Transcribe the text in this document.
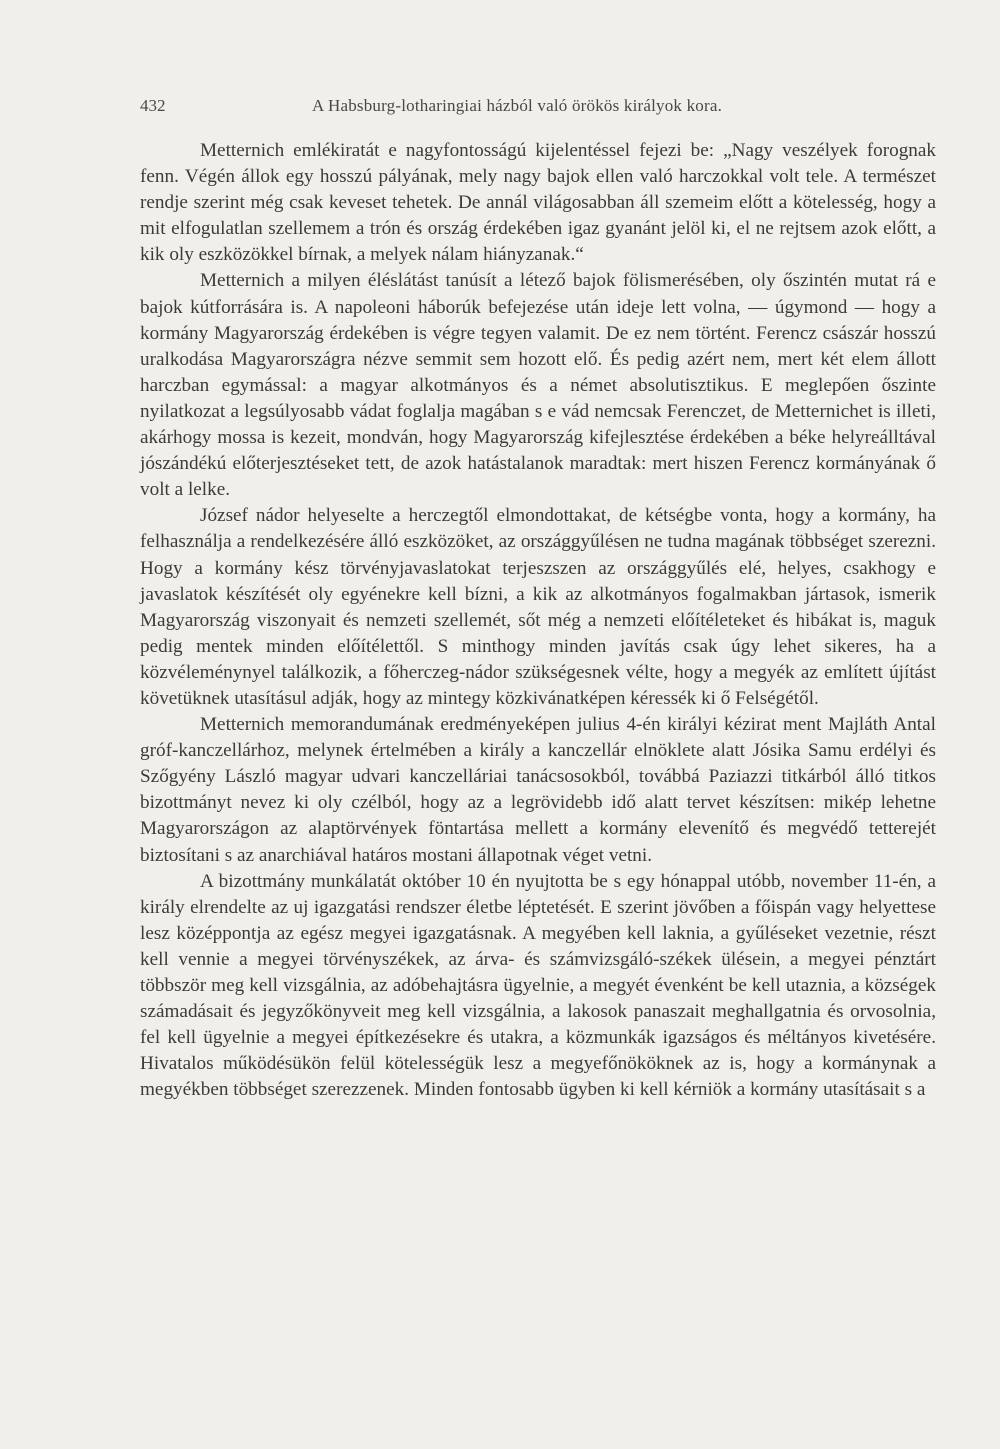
432	A Habsburg-lotharingiai házból való örökös királyok kora.

Metternich emlékiratát e nagyfontosságú kijelentéssel fejezi be: „Nagy veszélyek forognak fenn. Végén állok egy hosszú pályának, mely nagy bajok ellen való harczokkal volt tele. A természet rendje szerint még csak keveset tehetek. De annál világosabban áll szemeim előtt a kötelesség, hogy a mit elfogulatlan szellemem a trón és ország érdekében igaz gyanánt jelöl ki, el ne rejtsem azok előtt, a kik oly eszközökkel bírnak, a melyek nálam hiányzanak.“

Metternich a milyen éléslátást tanúsít a létező bajok fölismerésében, oly őszintén mutat rá e bajok kútforrására is. A napoleoni háborúk befejezése után ideje lett volna, — úgymond — hogy a kormány Magyarország érdekében is végre tegyen valamit. De ez nem történt. Ferencz császár hosszú uralkodása Magyarországra nézve semmit sem hozott elő. És pedig azért nem, mert két elem állott harczban egymással: a magyar alkotmányos és a német absolutisztikus. E meglepően őszinte nyilatkozat a legsúlyosabb vádat foglalja magában s e vád nemcsak Ferenczet, de Metternichet is illeti, akárhogy mossa is kezeit, mondván, hogy Magyarország kifejlesztése érdekében a béke helyreálltával jószándékú előterjesztéseket tett, de azok hatástalanok maradtak: mert hiszen Ferencz kormányának ő volt a lelke.

József nádor helyeselte a herczegtől elmondottakat, de kétségbe vonta, hogy a kormány, ha felhasználja a rendelkezésére álló eszközöket, az országgyűlésen ne tudna magának többséget szerezni. Hogy a kormány kész törvényjavaslatokat terjeszszen az országgyűlés elé, helyes, csakhogy e javaslatok készítését oly egyénekre kell bízni, a kik az alkotmányos fogalmakban jártasok, ismerik Magyarország viszonyait és nemzeti szellemét, sőt még a nemzeti előítéleteket és hibákat is, maguk pedig mentek minden előítélettől. S minthogy minden javítás csak úgy lehet sikeres, ha a közvéleménynyel találkozik, a főherczeg-nádor szükségesnek vélte, hogy a megyék az említett újítást követüknek utasításul adják, hogy az mintegy közkivánatképen kéressék ki ő Felségétől.

Metternich memorandumának eredményeképen julius 4-én királyi kézirat ment Majláth Antal gróf-kanczellárhoz, melynek értelmében a király a kanczellár elnöklete alatt Jósika Samu erdélyi és Szőgyény László magyar udvari kanczelláriai tanácsosokból, továbbá Paziazzi titkárból álló titkos bizottmányt nevez ki oly czélból, hogy az a legrövidebb idő alatt tervet készítsen: mikép lehetne Magyarországon az alaptörvények föntartása mellett a kormány elevenítő és megvédő tetterejét biztosítani s az anarchiával határos mostani állapotnak véget vetni.

A bizottmány munkálatát október 10 én nyujtotta be s egy hónappal utóbb, november 11-én, a király elrendelte az uj igazgatási rendszer életbe léptetését. E szerint jövőben a főispán vagy helyettese lesz középpontja az egész megyei igazgatásnak. A megyében kell laknia, a gyűléseket vezetnie, részt kell vennie a megyei törvényszékek, az árva- és számvizsgáló-székek ülésein, a megyei pénztárt többször meg kell vizsgálnia, az adóbehajtásra ügyelnie, a megyét évenként be kell utaznia, a községek számadásait és jegyzőkönyveit meg kell vizsgálnia, a lakosok panaszait meghallgatnia és orvosolnia, fel kell ügyelnie a megyei építkezésekre és utakra, a közmunkák igazságos és méltányos kivetésére. Hivatalos működésükön felül kötelességük lesz a megyefőnököknek az is, hogy a kormánynak a megyékben többséget szerezzenek. Minden fontosabb ügyben ki kell kérniök a kormány utasításait s a
